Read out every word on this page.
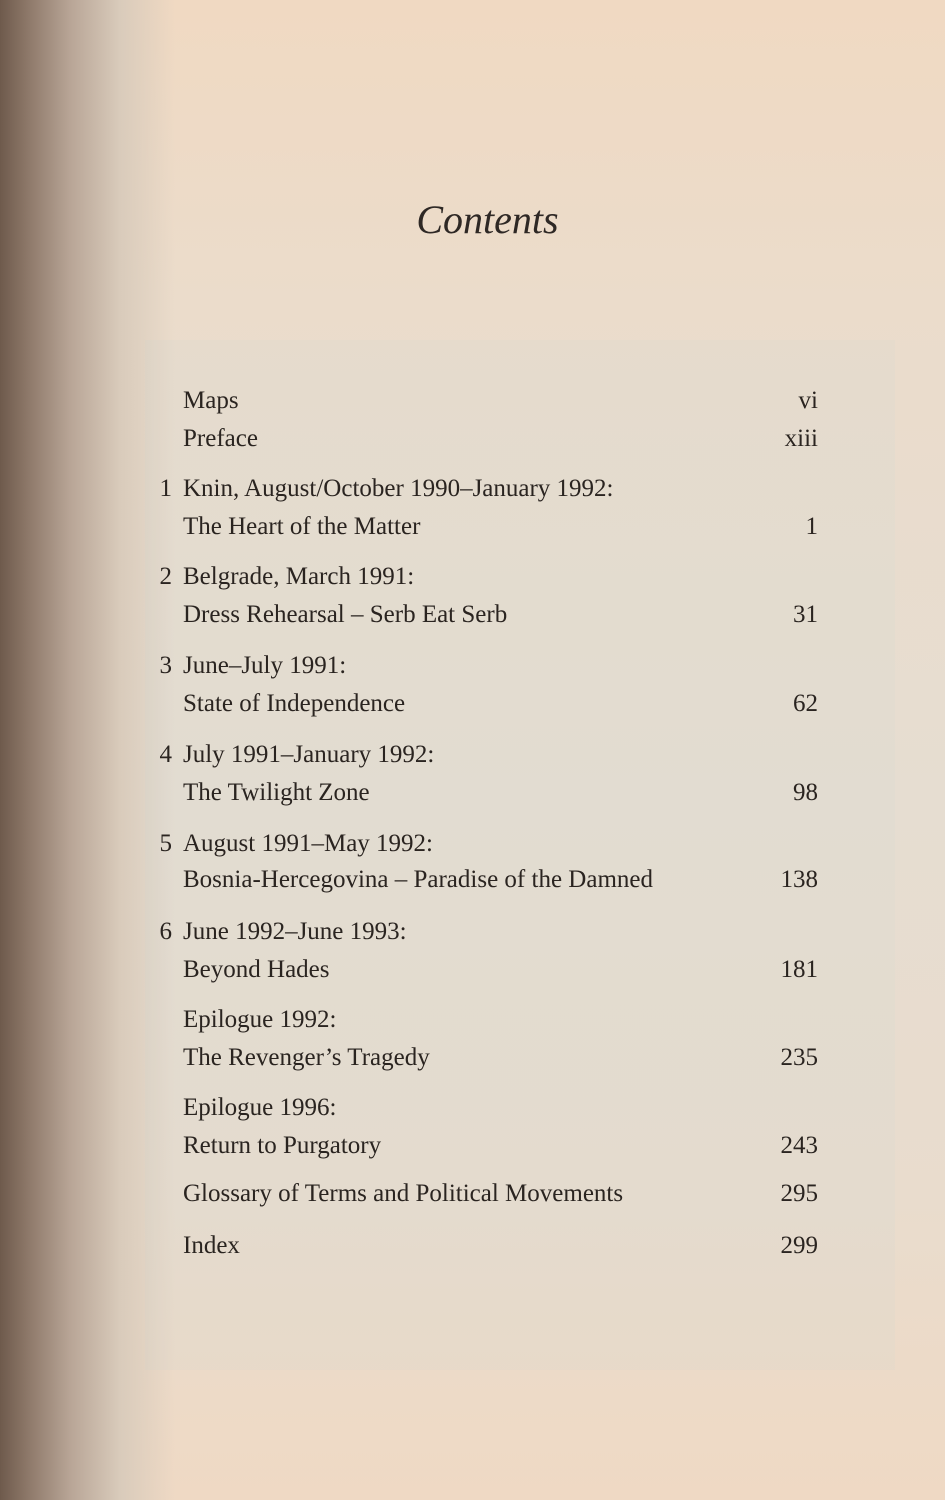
Contents
Maps	vi
Preface	xiii
1 Knin, August/October 1990–January 1992:
The Heart of the Matter	1
2 Belgrade, March 1991:
Dress Rehearsal – Serb Eat Serb	31
3 June–July 1991:
State of Independence	62
4 July 1991–January 1992:
The Twilight Zone	98
5 August 1991–May 1992:
Bosnia-Hercegovina – Paradise of the Damned	138
6 June 1992–June 1993:
Beyond Hades	181
Epilogue 1992:
The Revenger’s Tragedy	235
Epilogue 1996:
Return to Purgatory	243
Glossary of Terms and Political Movements	295
Index	299
